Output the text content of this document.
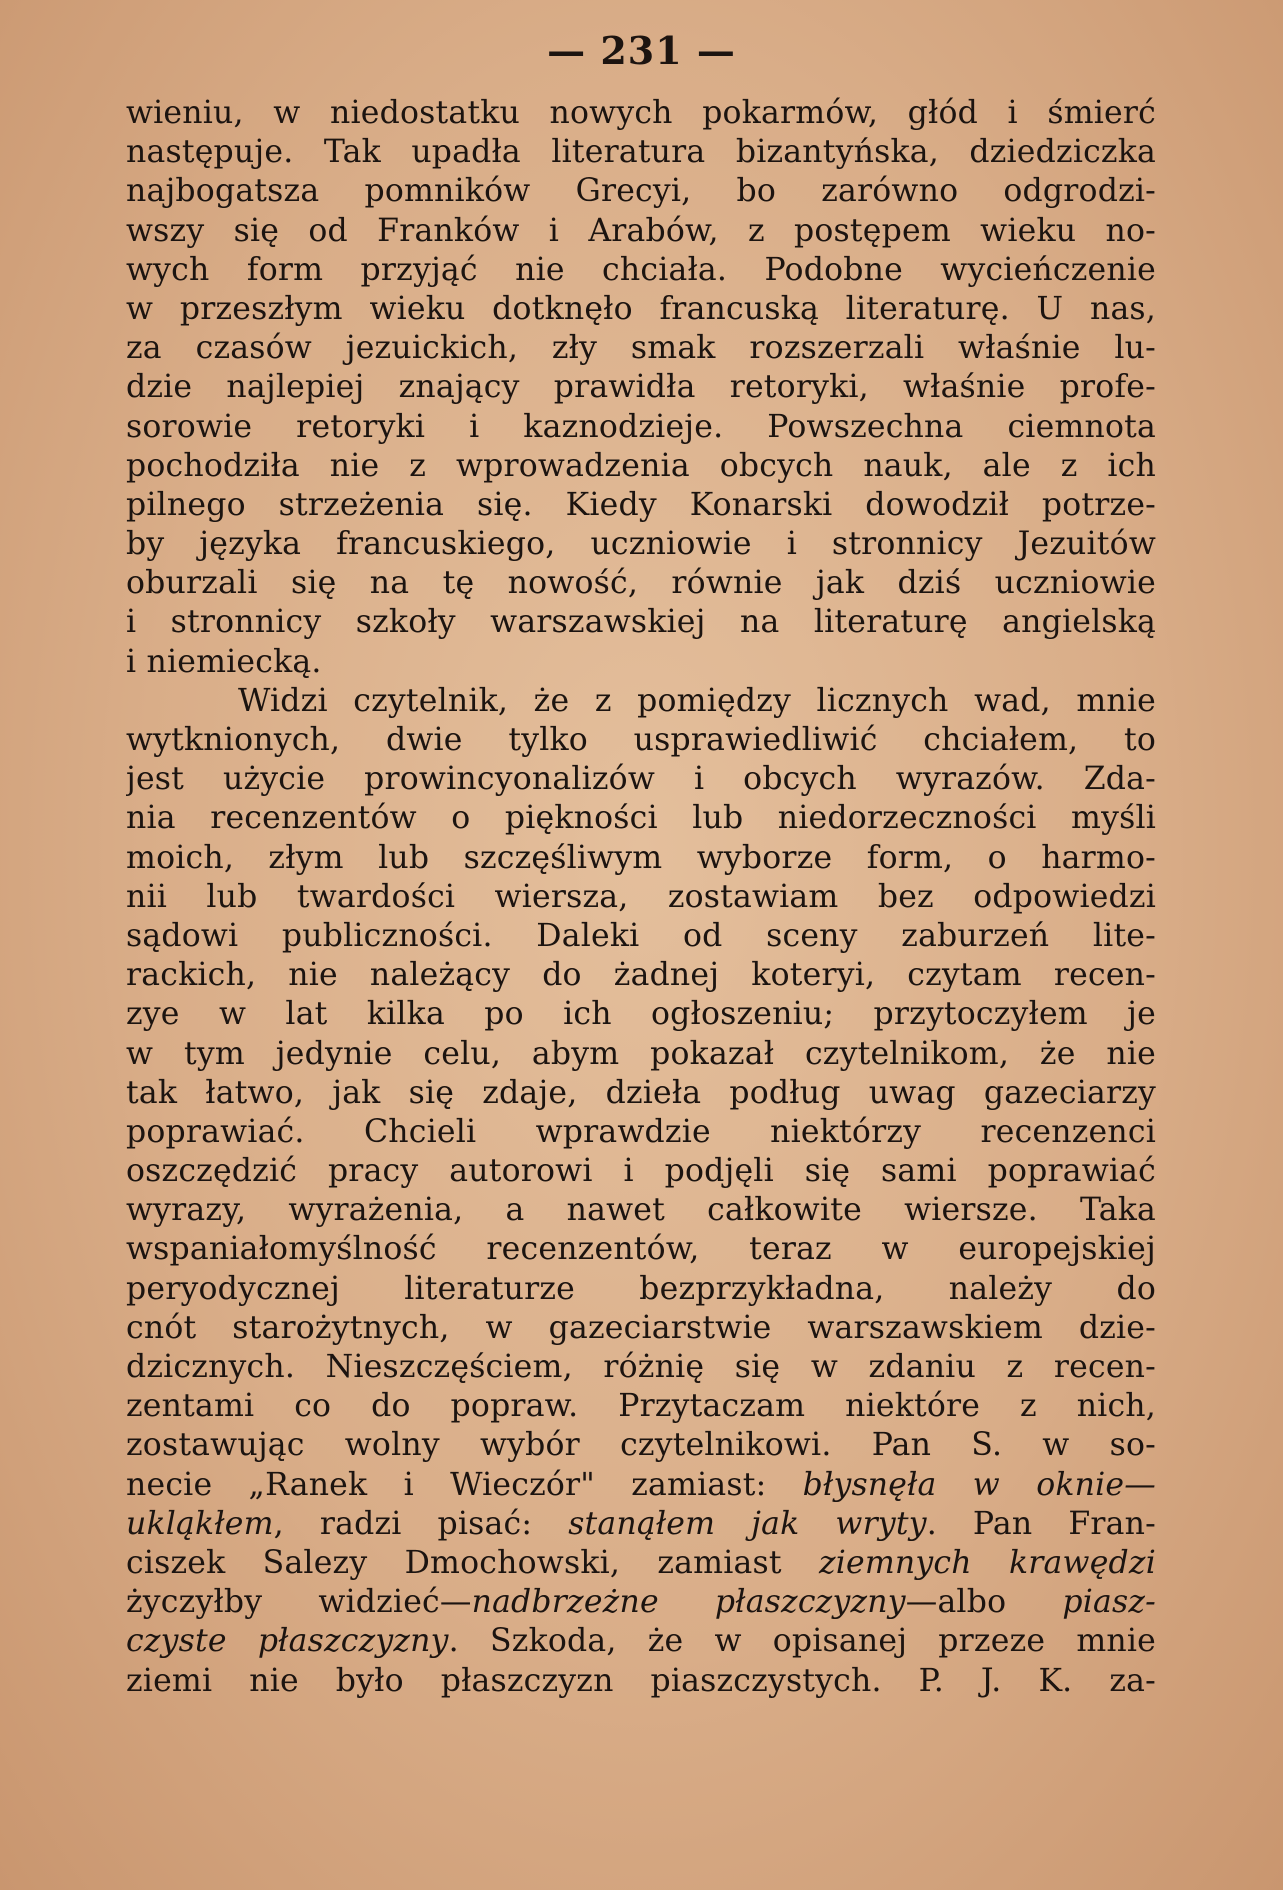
— 231 —
wieniu, w niedostatku nowych pokarmów, głód i śmierć
następuje. Tak upadła literatura bizantyńska, dziedziczka
najbogatsza pomników Grecyi, bo zarówno odgrodzi-
wszy się od Franków i Arabów, z postępem wieku no-
wych form przyjąć nie chciała. Podobne wycieńczenie
w przeszłym wieku dotknęło francuską literaturę. U nas,
za czasów jezuickich, zły smak rozszerzali właśnie lu-
dzie najlepiej znający prawidła retoryki, właśnie profe-
sorowie retoryki i kaznodzieje. Powszechna ciemnota
pochodziła nie z wprowadzenia obcych nauk, ale z ich
pilnego strzeżenia się. Kiedy Konarski dowodził potrze-
by języka francuskiego, uczniowie i stronnicy Jezuitów
oburzali się na tę nowość, równie jak dziś uczniowie
i stronnicy szkoły warszawskiej na literaturę angielską
i niemiecką.
Widzi czytelnik, że z pomiędzy licznych wad, mnie
wytknionych, dwie tylko usprawiedliwić chciałem, to
jest użycie prowincyonalizów i obcych wyrazów. Zda-
nia recenzentów o piękności lub niedorzeczności myśli
moich, złym lub szczęśliwym wyborze form, o harmo-
nii lub twardości wiersza, zostawiam bez odpowiedzi
sądowi publiczności. Daleki od sceny zaburzeń lite-
rackich, nie należący do żadnej koteryi, czytam recen-
zye w lat kilka po ich ogłoszeniu; przytoczyłem je
w tym jedynie celu, abym pokazał czytelnikom, że nie
tak łatwo, jak się zdaje, dzieła podług uwag gazeciarzy
poprawiać. Chcieli wprawdzie niektórzy recenzenci
oszczędzić pracy autorowi i podjęli się sami poprawiać
wyrazy, wyrażenia, a nawet całkowite wiersze. Taka
wspaniałomyślność recenzentów, teraz w europejskiej
peryodycznej literaturze bezprzykładna, należy do
cnót starożytnych, w gazeciarstwie warszawskiem dzie-
dzicznych. Nieszczęściem, różnię się w zdaniu z recen-
zentami co do popraw. Przytaczam niektóre z nich,
zostawując wolny wybór czytelnikowi. Pan S. w so-
necie „Ranek i Wieczór" zamiast: błysnęła w oknie—
ukląkłem, radzi pisać: stanąłem jak wryty. Pan Fran-
ciszek Salezy Dmochowski, zamiast ziemnych krawędzi
życzyłby widzieć—nadbrzeżne płaszczyzny—albo piasz-
czyste płaszczyzny. Szkoda, że w opisanej przeze mnie
ziemi nie było płaszczyzn piaszczystych. P. J. K. za-
